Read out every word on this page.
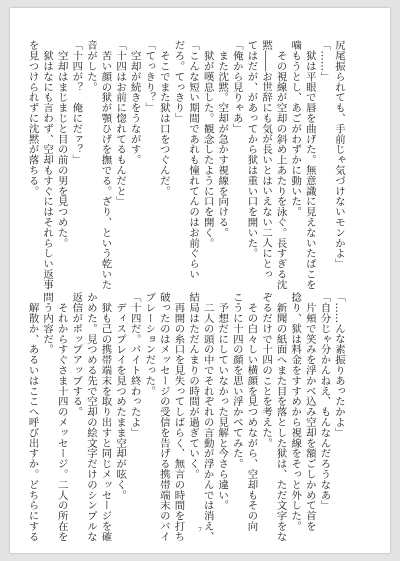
尻尾振られても、手前じゃ気づけないモンかよ」
「……」
　狱は平眼で唇を曲げた。無意識に見えないたばこを
噛もうとし、あごがわずかに動いた。
　その視線が空却の斜め上あたりを泳ぐ。長すぎる沈
黙――お世辞にも気が長いとはいえない二人にとっ
てはだが、があってから狱は重い口を開いた。
「俺から見りゃあ」
　また沈黙。空却が急かす視線を向ける。
　狱が嘆息した。観念したように口を開く。
「こんな短い期間であれも憧れてんのはお前ぐらい
だろ。てっきり」
　そこでまた狱は口をつぐんだ。
「てっきり？」
　空却が続きをうながす。
「十四はお前に惚れてるもんだと」
　苦い顔の狱が顎ひげを撫でる。ざり、という乾いた
音がした。
「十四が？　俺にだァ？」
　空却はまじまじと目の前の男を見つめた。
　狱はなにも言わず、空却もすぐにはそれらしい返事
を見つけられずに沈黙が落ちる。
「……んな素振りあったかよ」
「自分じゃ分かんねえ、もんなんだろうなあ」
　片頬で笑みを浮かべ込み空却を額ごしかめて首を
捻り、狱は料金をすすめから視線をそっと外した。
　新聞の紙面へまた目を落とした狱は、ただ文字をな
ぞるだけで十四のことを考えた。
　その白々しい横顔を見つめながら、空却もその向
こうに十四の顔を思い浮かべてみた。
　予想だにしていなかった見解と今さら違い。
　二人の頭の中でそれぞれの言動が浮かんでは消え、
結局はただんまりの時間が過ぎていく。
　再開の糸口を見失ってしばらく、無言の時間を打ち
破ったのはメッセージの受信を告げる携帯端末のバイ
ブレーションだった。
「十四だ。バイト終わったよ」
　ディスプレイを見つめたまま空却が呟く。
　狱も己の携帯端末を取り出すと同じメッセージを確
かめた。見つめる先で空却の絵文字だけのシンプルな
返信がポップアップする。
　それからすぐさま十四のメッセージ。二人の所在を
問う内容だ。
　解散か、あるいはここへ呼び出すか。どちらにする	7
